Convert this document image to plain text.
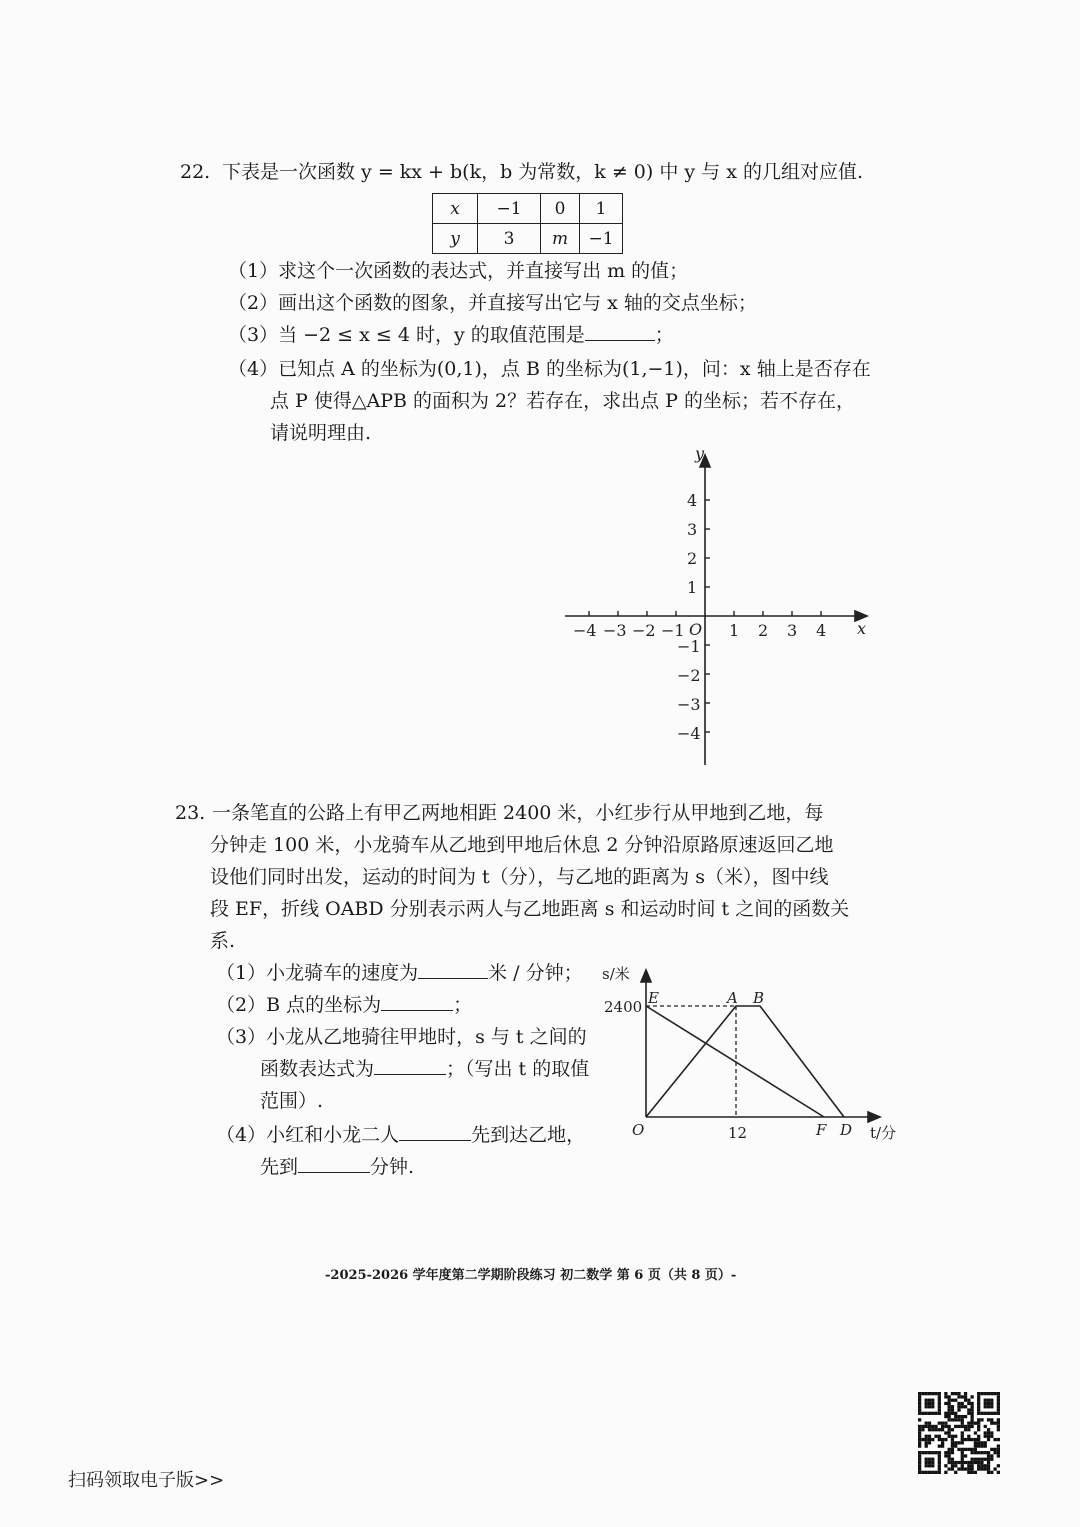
22. 下表是一次函数 y = kx + b(k，b 为常数，k ≠ 0) 中 y 与 x 的几组对应值.
x	−1	0	1
y	3	m	−1
（1）求这个一次函数的表达式，并直接写出 m 的值；
（2）画出这个函数的图象，并直接写出它与 x 轴的交点坐标；
（3）当 −2 ≤ x ≤ 4 时，y 的取值范围是	；
（4）已知点 A 的坐标为(0,1)，点 B 的坐标为(1,−1)，问：x 轴上是否存在
点 P 使得△APB 的面积为 2？若存在，求出点 P 的坐标；若不存在，
请说明理由.
y
x
O
−4 −3 −2 −1	1 2 3 4
4
3
2
1
−1
−2
−3
−4
23. 一条笔直的公路上有甲乙两地相距 2400 米，小红步行从甲地到乙地，每
分钟走 100 米，小龙骑车从乙地到甲地后休息 2 分钟沿原路原速返回乙地
设他们同时出发，运动的时间为 t（分），与乙地的距离为 s（米），图中线
段 EF，折线 OABD 分别表示两人与乙地距离 s 和运动时间 t 之间的函数关
系.
（1）小龙骑车的速度为	米 / 分钟；
（2）B 点的坐标为	；
（3）小龙从乙地骑往甲地时，s 与 t 之间的
函数表达式为	；（写出 t 的取值
范围）.
（4）小红和小龙二人	先到达乙地，
先到	分钟.
s/米
2400
12	t/分
E	A B
O	F D
-2025-2026 学年度第二学期阶段练习 初二数学 第 6 页（共 8 页）-
扫码领取电子版>>
